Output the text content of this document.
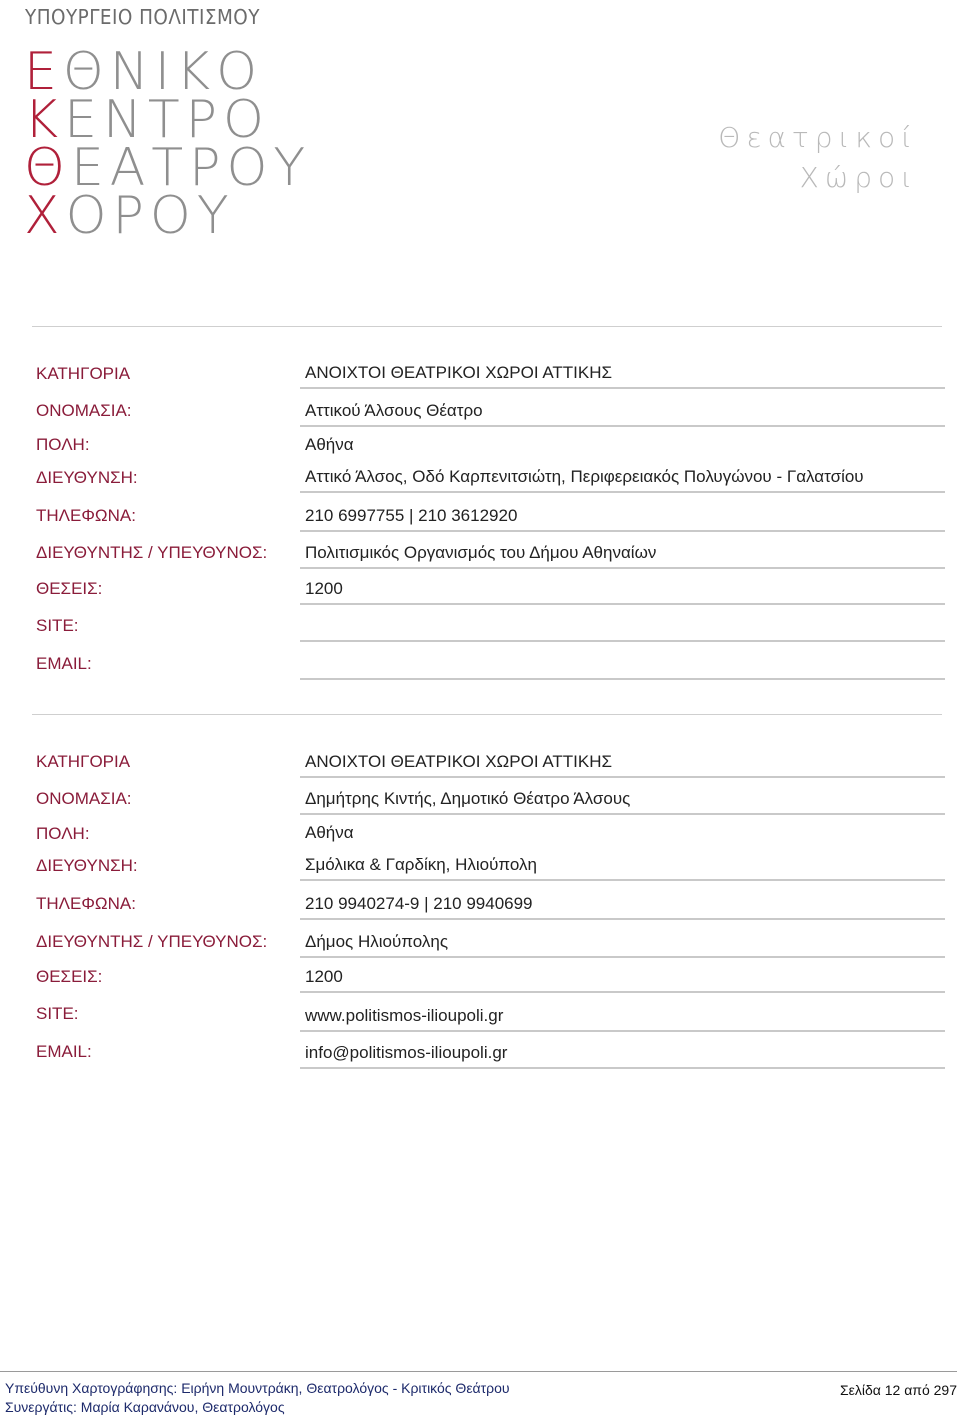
ΥΠΟΥΡΓΕΙΟ ΠΟΛΙΤΙΣΜΟΥ
ΕΘΝΙΚΟ
ΚΕΝΤΡΟ
ΘΕΑΤΡΟΥ
ΧΟΡΟΥ
Θεατρικοί
Χώροι
ΚΑΤΗΓΟΡΙΑ	ΑΝΟΙΧΤΟΙ ΘΕΑΤΡΙΚΟΙ ΧΩΡΟΙ ΑΤΤΙΚΗΣ
ΟΝΟΜΑΣΙΑ:	Αττικού Άλσους Θέατρο
ΠΟΛΗ:	Αθήνα
ΔΙΕΥΘΥΝΣΗ:	Αττικό Άλσος, Οδό Καρπενιτσιώτη, Περιφερειακός Πολυγώνου - Γαλατσίου
ΤΗΛΕΦΩΝΑ:	210 6997755 | 210 3612920
ΔΙΕΥΘΥΝΤΗΣ / ΥΠΕΥΘΥΝΟΣ: Πολιτισμικός Οργανισμός του Δήμου Αθηναίων
ΘΕΣΕΙΣ:	1200
SITE:
EMAIL:
ΚΑΤΗΓΟΡΙΑ	ΑΝΟΙΧΤΟΙ ΘΕΑΤΡΙΚΟΙ ΧΩΡΟΙ ΑΤΤΙΚΗΣ
ΟΝΟΜΑΣΙΑ:	Δημήτρης Κιντής, Δημοτικό Θέατρο Άλσους
ΠΟΛΗ:	Αθήνα
ΔΙΕΥΘΥΝΣΗ:	Σμόλικα & Γαρδίκη, Ηλιούπολη
ΤΗΛΕΦΩΝΑ:	210 9940274-9 | 210 9940699
ΔΙΕΥΘΥΝΤΗΣ / ΥΠΕΥΘΥΝΟΣ: Δήμος Ηλιούπολης
ΘΕΣΕΙΣ:	1200
SITE:	www.politismos-ilioupoli.gr
EMAIL:	info@politismos-ilioupoli.gr
Υπεύθυνη Χαρτογράφησης: Ειρήνη Μουντράκη, Θεατρολόγος - Κριτικός Θεάτρου
Συνεργάτις: Μαρία Καρανάνου, Θεατρολόγος
Σελίδα 12 από 297
